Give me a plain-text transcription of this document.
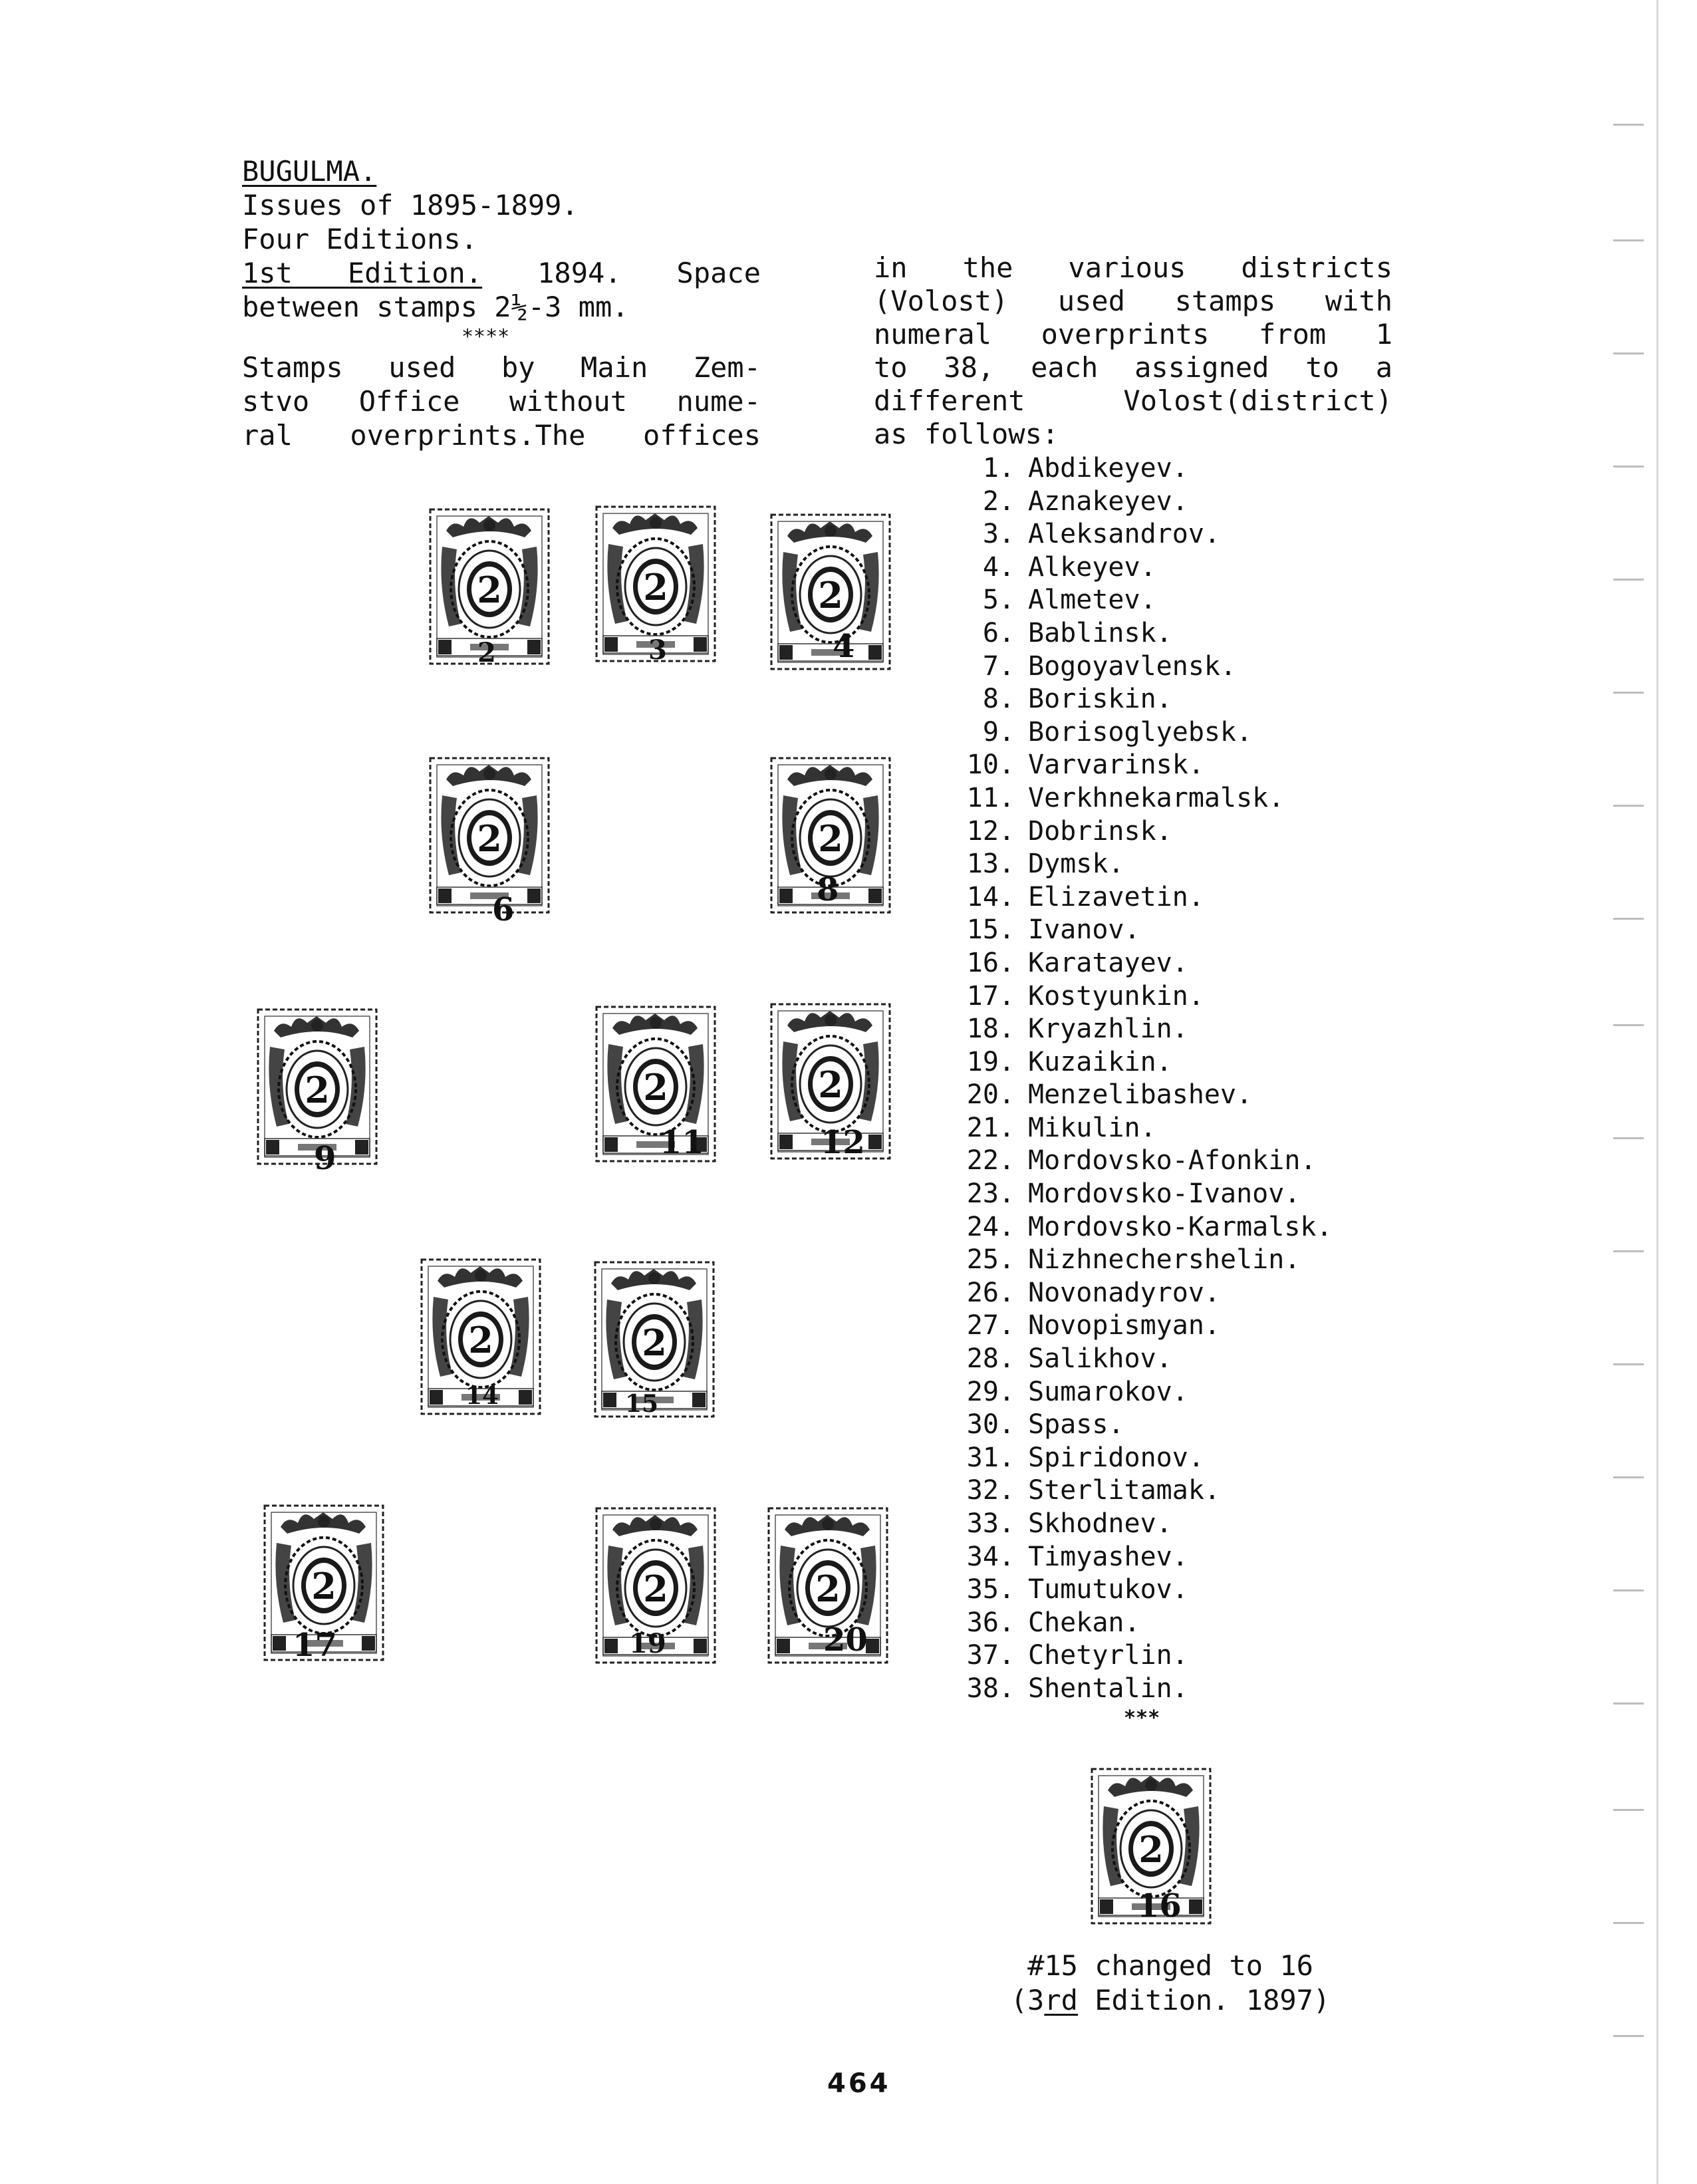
BUGULMA.
Issues of 1895-1899.
Four Editions.
1st Edition. 1894. Space
between stamps 2½-3 mm.
****
Stamps used by Main Zem-
stvo Office without nume-
ral overprints.The offices
in the various districts
(Volost) used stamps with
numeral overprints from 1
to 38, each assigned to a
different Volost(district)
as follows:
1. Abdikeyev.
2. Aznakeyev.
3. Aleksandrov.
4. Alkeyev.
5. Almetev.
6. Bablinsk.
7. Bogoyavlensk.
8. Boriskin.
9. Borisoglyebsk.
10. Varvarinsk.
11. Verkhnekarmalsk.
12. Dobrinsk.
13. Dymsk.
14. Elizavetin.
15. Ivanov.
16. Karatayev.
17. Kostyunkin.
18. Kryazhlin.
19. Kuzaikin.
20. Menzelibashev.
21. Mikulin.
22. Mordovsko-Afonkin.
23. Mordovsko-Ivanov.
24. Mordovsko-Karmalsk.
25. Nizhnechershelin.
26. Novonadyrov.
27. Novopismyan.
28. Salikhov.
29. Sumarokov.
30. Spass.
31. Spiridonov.
32. Sterlitamak.
33. Skhodnev.
34. Timyashev.
35. Tumutukov.
36. Chekan.
37. Chetyrlin.
38. Shentalin.
***
2
2
2
3
2
4
2
6
2
8
2
9
2
11
2
12
2
14
2
15
2
17
2
19
2
20
2
16
#15 changed to 16
(3rd Edition. 1897)
464
